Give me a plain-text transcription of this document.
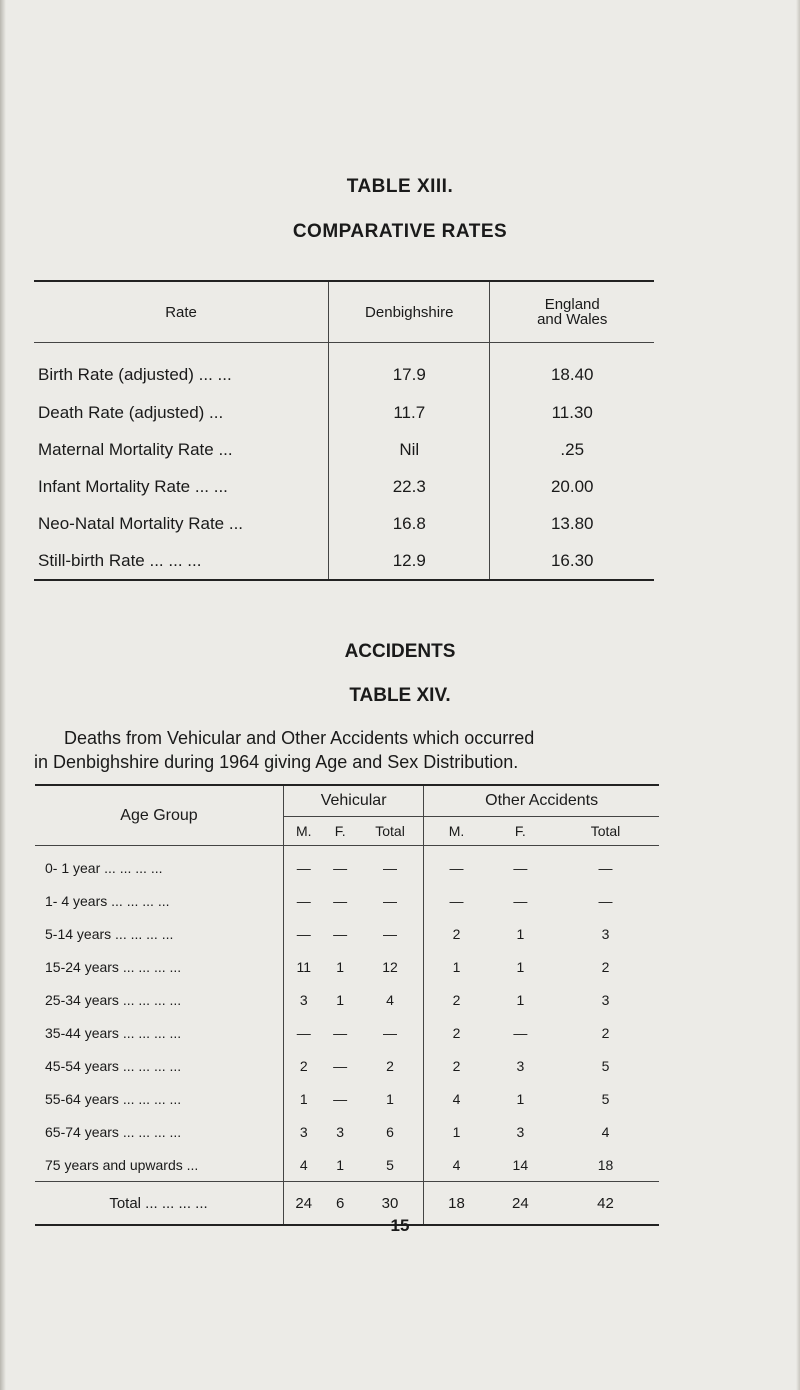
TABLE XIII.
COMPARATIVE RATES
Rate	Denbighshire	England
and Wales
Birth Rate (adjusted) ... ...	17.9	18.40
Death Rate (adjusted) ...	11.7	11.30
Maternal Mortality Rate ...	Nil	.25
Infant Mortality Rate ... ...	22.3	20.00
Neo-Natal Mortality Rate ...	16.8	13.80
Still-birth Rate ... ... ...	12.9	16.30
ACCIDENTS
TABLE XIV.
Deaths from Vehicular and Other Accidents which occurred
in Denbighshire during 1964 giving Age and Sex Distribution.
Age Group	Vehicular			Other Accidents		
	M.	F.	Total	M.	F.	Total
0- 1 year ... ... ... ...	—	—	—	—	—	—
1- 4 years ... ... ... ...	—	—	—	—	—	—
5-14 years ... ... ... ...	—	—	—	2	1	3
15-24 years ... ... ... ...	11	1	12	1	1	2
25-34 years ... ... ... ...	3	1	4	2	1	3
35-44 years ... ... ... ...	—	—	—	2	—	2
45-54 years ... ... ... ...	2	—	2	2	3	5
55-64 years ... ... ... ...	1	—	1	4	1	5
65-74 years ... ... ... ...	3	3	6	1	3	4
75 years and upwards ...	4	1	5	4	14	18
Total ... ... ... ...	24	6	30	18	24	42
15
